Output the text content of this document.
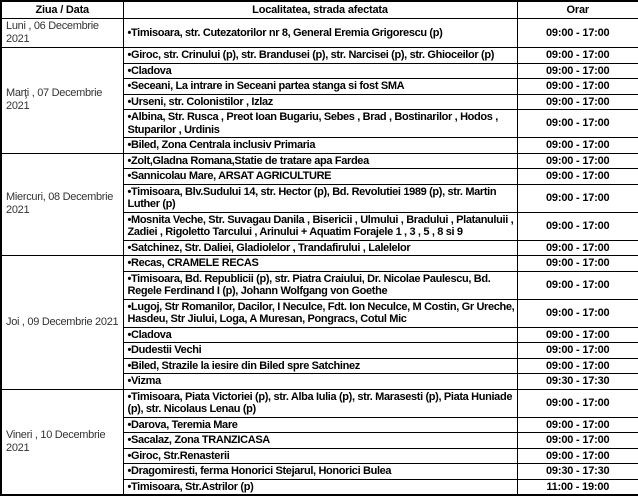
Ziua / Data	Localitatea, strada afectata	Orar
Luni , 06 Decembrie 2021	•Timisoara, str. Cutezatorilor nr 8, General Eremia Grigorescu (p)	09:00 - 17:00
Marţi , 07 Decembrie 2021	•Giroc, str. Crinului (p), str. Brandusei (p), str. Narcisei (p), str. Ghioceilor (p)	09:00 - 17:00
	•Cladova	09:00 - 17:00
	•Seceani, La intrare in Seceani partea stanga si fost SMA	09:00 - 17:00
	•Urseni, str. Colonistilor , Izlaz	09:00 - 17:00
	•Albina, Str. Rusca , Preot Ioan Bugariu, Sebes , Brad , Bostinarilor , Hodos , Stuparilor , Urdinis	09:00 - 17:00
	•Biled, Zona Centrala inclusiv Primaria	09:00 - 17:00
Miercuri, 08 Decembrie 2021	•Zolt,Gladna Romana,Statie de tratare apa Fardea	09:00 - 17:00
	•Sannicolau Mare, ARSAT AGRICULTURE	09:00 - 17:00
	•Timisoara, Blv.Sudului 14, str. Hector (p), Bd. Revolutiei 1989 (p), str. Martin Luther (p)	09:00 - 17:00
	•Mosnita Veche, Str. Suvagau Danila , Bisericii , Ulmului , Bradului , Platanuluii , Zadiei , Rigoletto Tarcului , Arinului + Aquatim Forajele 1 , 3 , 5 , 8 si 9	09:00 - 17:00
	•Satchinez, Str. Daliei, Gladiolelor , Trandafirului , Lalelelor	09:00 - 17:00
Joi , 09 Decembrie 2021	•Recas, CRAMELE RECAS	09:00 - 17:00
	•Timisoara, Bd. Republicii (p), str. Piatra Craiului, Dr. Nicolae Paulescu, Bd. Regele Ferdinand I (p), Johann Wolfgang von Goethe	09:00 - 17:00
	•Lugoj, Str Romanilor, Dacilor, I Neculce, Fdt. Ion Neculce, M Costin, Gr Ureche, Hasdeu, Str Jiului, Loga, A Muresan, Pongracs, Cotul Mic	09:00 - 17:00
	•Cladova	09:00 - 17:00
	•Dudestii Vechi	09:00 - 17:00
	•Biled, Strazile la iesire din Biled spre Satchinez	09:00 - 17:00
	•Vizma	09:30 - 17:30
Vineri , 10 Decembrie 2021	•Timisoara, Piata Victoriei (p), str. Alba Iulia (p), str. Marasesti (p), Piata Huniade (p), str. Nicolaus Lenau (p)	09:00 - 17:00
	•Darova, Teremia Mare	09:00 - 17:00
	•Sacalaz, Zona TRANZICASA	09:00 - 17:00
	•Giroc, Str.Renasterii	09:00 - 17:00
	•Dragomiresti, ferma Honorici Stejarul, Honorici Bulea	09:30 - 17:30
	•Timisoara, Str.Astrilor (p)	11:00 - 19:00
